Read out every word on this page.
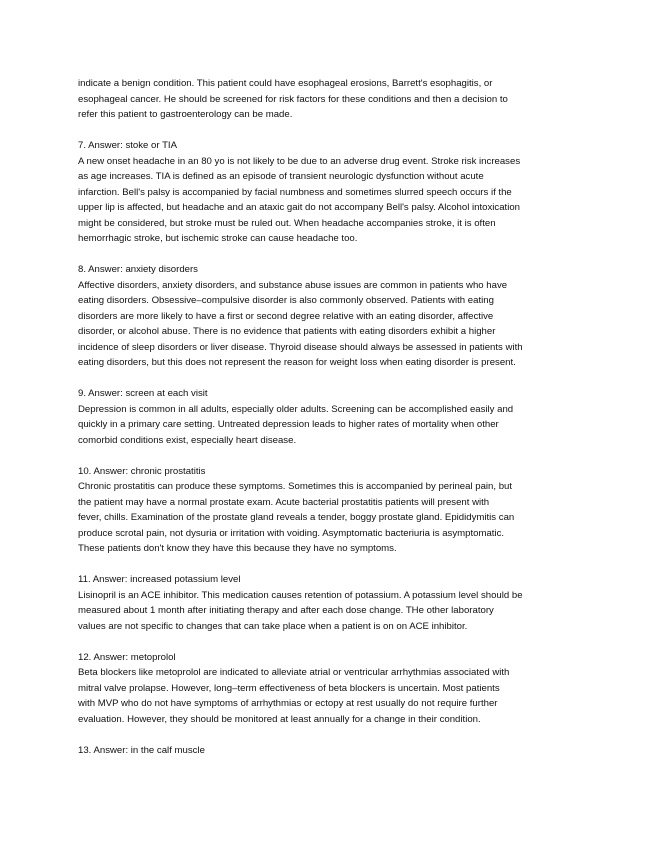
indicate a benign condition. This patient could have esophageal erosions, Barrett's esophagitis, or
esophageal cancer. He should be screened for risk factors for these conditions and then a decision to
refer this patient to gastroenterology can be made.

7. Answer: stoke or TIA

A new onset headache in an 80 yo is not likely to be due to an adverse drug event. Stroke risk increases
as age increases. TIA is defined as an episode of transient neurologic dysfunction without acute
infarction. Bell's palsy is accompanied by facial numbness and sometimes slurred speech occurs if the
upper lip is affected, but headache and an ataxic gait do not accompany Bell's palsy. Alcohol intoxication
might be considered, but stroke must be ruled out. When headache accompanies stroke, it is often
hemorrhagic stroke, but ischemic stroke can cause headache too.

8. Answer: anxiety disorders

Affective disorders, anxiety disorders, and substance abuse issues are common in patients who have
eating disorders. Obsessive–compulsive disorder is also commonly observed. Patients with eating
disorders are more likely to have a first or second degree relative with an eating disorder, affective
disorder, or alcohol abuse. There is no evidence that patients with eating disorders exhibit a higher
incidence of sleep disorders or liver disease. Thyroid disease should always be assessed in patients with
eating disorders, but this does not represent the reason for weight loss when eating disorder is present.

9. Answer: screen at each visit

Depression is common in all adults, especially older adults. Screening can be accomplished easily and
quickly in a primary care setting. Untreated depression leads to higher rates of mortality when other
comorbid conditions exist, especially heart disease.

10. Answer: chronic prostatitis

Chronic prostatitis can produce these symptoms. Sometimes this is accompanied by perineal pain, but
the patient may have a normal prostate exam. Acute bacterial prostatitis patients will present with
fever, chills. Examination of the prostate gland reveals a tender, boggy prostate gland. Epididymitis can
produce scrotal pain, not dysuria or irritation with voiding. Asymptomatic bacteriuria is asymptomatic.
These patients don't know they have this because they have no symptoms.

11. Answer: increased potassium level

Lisinopril is an ACE inhibitor. This medication causes retention of potassium. A potassium level should be
measured about 1 month after initiating therapy and after each dose change. THe other laboratory
values are not specific to changes that can take place when a patient is on on ACE inhibitor.

12. Answer: metoprolol

Beta blockers like metoprolol are indicated to alleviate atrial or ventricular arrhythmias associated with
mitral valve prolapse. However, long–term effectiveness of beta blockers is uncertain. Most patients
with MVP who do not have symptoms of arrhythmias or ectopy at rest usually do not require further
evaluation. However, they should be monitored at least annually for a change in their condition.

13. Answer: in the calf muscle
